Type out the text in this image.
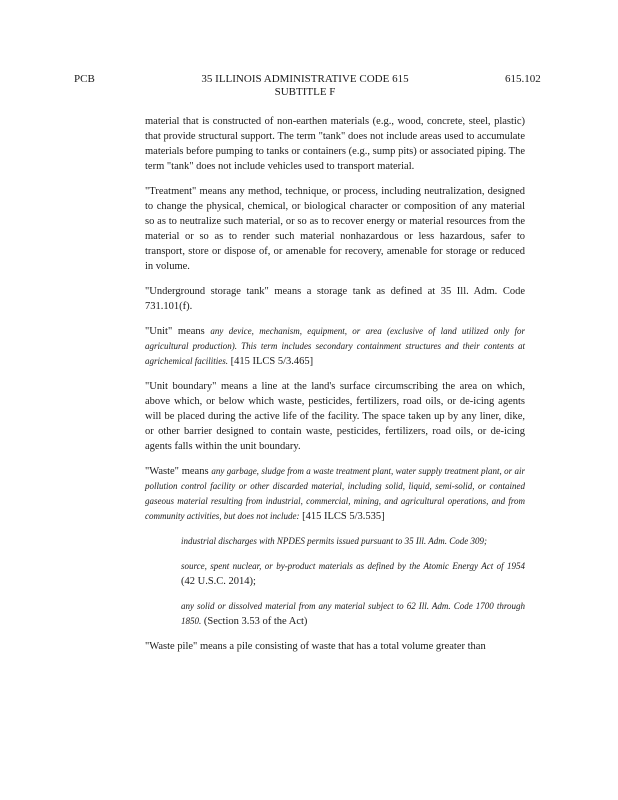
PCB	35 ILLINOIS ADMINISTRATIVE CODE 615
SUBTITLE F
615.102

material that is constructed of non-earthen materials (e.g., wood, concrete, steel, plastic) that provide structural support. The term "tank" does not include areas used to accumulate materials before pumping to tanks or containers (e.g., sump pits) or associated piping. The term "tank" does not include vehicles used to transport material.

"Treatment" means any method, technique, or process, including neutralization, designed to change the physical, chemical, or biological character or composition of any material so as to neutralize such material, or so as to recover energy or material resources from the material or so as to render such material nonhazardous or less hazardous, safer to transport, store or dispose of, or amenable for recovery, amenable for storage or reduced in volume.

"Underground storage tank" means a storage tank as defined at 35 Ill. Adm. Code 731.101(f).

"Unit" means any device, mechanism, equipment, or area (exclusive of land utilized only for agricultural production). This term includes secondary containment structures and their contents at agrichemical facilities. [415 ILCS 5/3.465]

"Unit boundary" means a line at the land's surface circumscribing the area on which, above which, or below which waste, pesticides, fertilizers, road oils, or de-icing agents will be placed during the active life of the facility. The space taken up by any liner, dike, or other barrier designed to contain waste, pesticides, fertilizers, road oils, or de-icing agents falls within the unit boundary.

"Waste" means any garbage, sludge from a waste treatment plant, water supply treatment plant, or air pollution control facility or other discarded material, including solid, liquid, semi-solid, or contained gaseous material resulting from industrial, commercial, mining, and agricultural operations, and from community activities, but does not include: [415 ILCS 5/3.535]

industrial discharges with NPDES permits issued pursuant to 35 Ill. Adm. Code 309;

source, spent nuclear, or by-product materials as defined by the Atomic Energy Act of 1954 (42 U.S.C. 2014);

any solid or dissolved material from any material subject to 62 Ill. Adm. Code 1700 through 1850. (Section 3.53 of the Act)

"Waste pile" means a pile consisting of waste that has a total volume greater than
